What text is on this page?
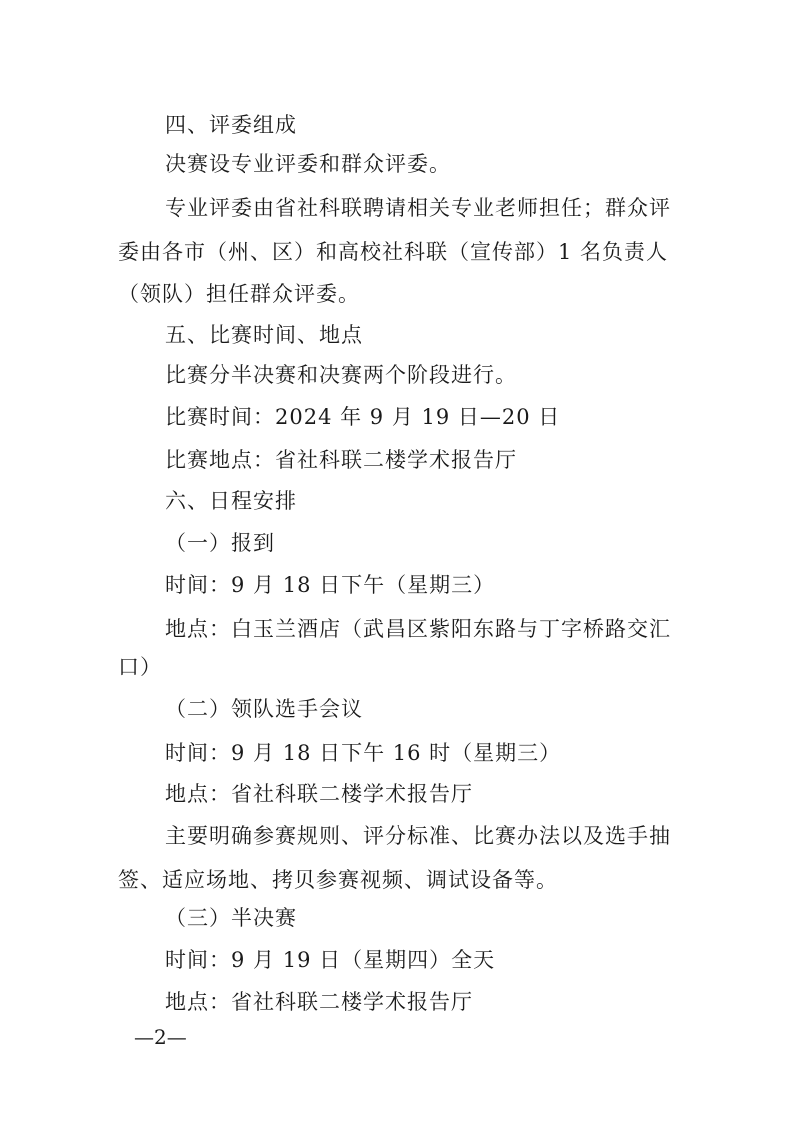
四、评委组成
决赛设专业评委和群众评委。
专业评委由省社科联聘请相关专业老师担任；群众评
委由各市（州、区）和高校社科联（宣传部）1 名负责人
（领队）担任群众评委。
五、比赛时间、地点
比赛分半决赛和决赛两个阶段进行。
比赛时间：2024 年 9 月 19 日—20 日
比赛地点：省社科联二楼学术报告厅
六、日程安排
（一）报到
时间：9 月 18 日下午（星期三）
地点：白玉兰酒店（武昌区紫阳东路与丁字桥路交汇
口）
（二）领队选手会议
时间：9 月 18 日下午 16 时（星期三）
地点：省社科联二楼学术报告厅
主要明确参赛规则、评分标准、比赛办法以及选手抽
签、适应场地、拷贝参赛视频、调试设备等。
（三）半决赛
时间：9 月 19 日（星期四）全天
地点：省社科联二楼学术报告厅
—2—
